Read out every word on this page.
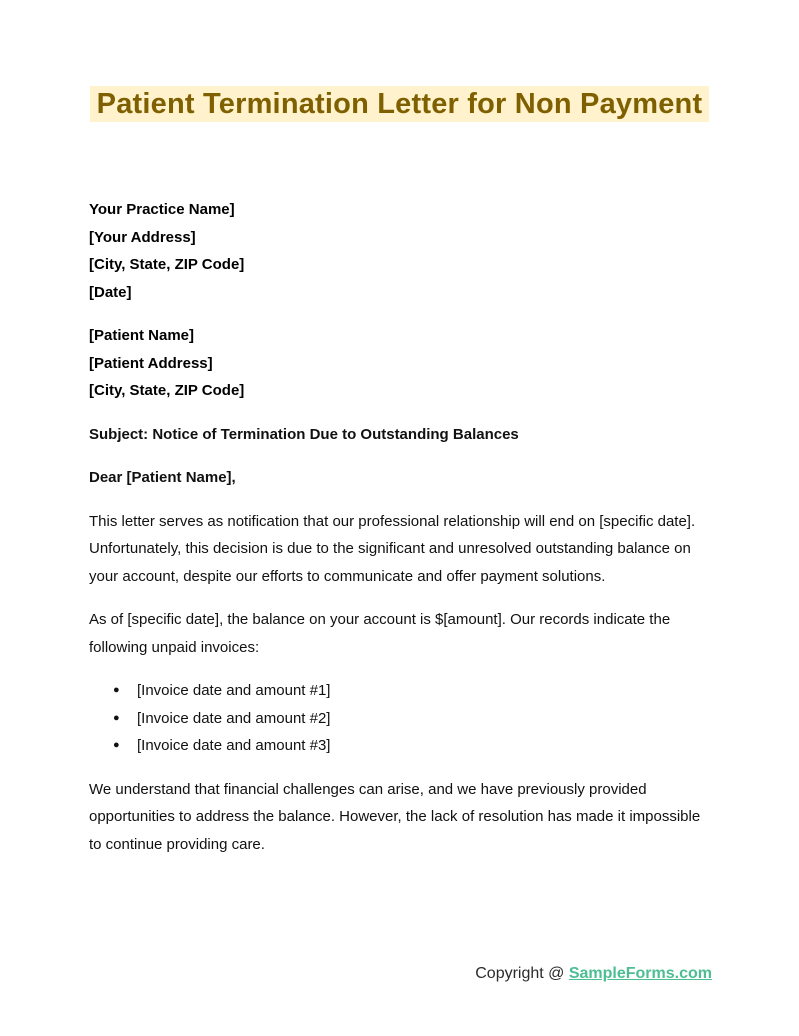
Patient Termination Letter for Non Payment
Your Practice Name]
[Your Address]
[City, State, ZIP Code]
[Date]
[Patient Name]
[Patient Address]
[City, State, ZIP Code]

Subject: Notice of Termination Due to Outstanding Balances

Dear [Patient Name],

This letter serves as notification that our professional relationship will end on [specific date]. Unfortunately, this decision is due to the significant and unresolved outstanding balance on your account, despite our efforts to communicate and offer payment solutions.

As of [specific date], the balance on your account is $[amount]. Our records indicate the following unpaid invoices:

● [Invoice date and amount #1]
● [Invoice date and amount #2]
● [Invoice date and amount #3]

We understand that financial challenges can arise, and we have previously provided opportunities to address the balance. However, the lack of resolution has made it impossible to continue providing care.

Copyright @ SampleForms.com
